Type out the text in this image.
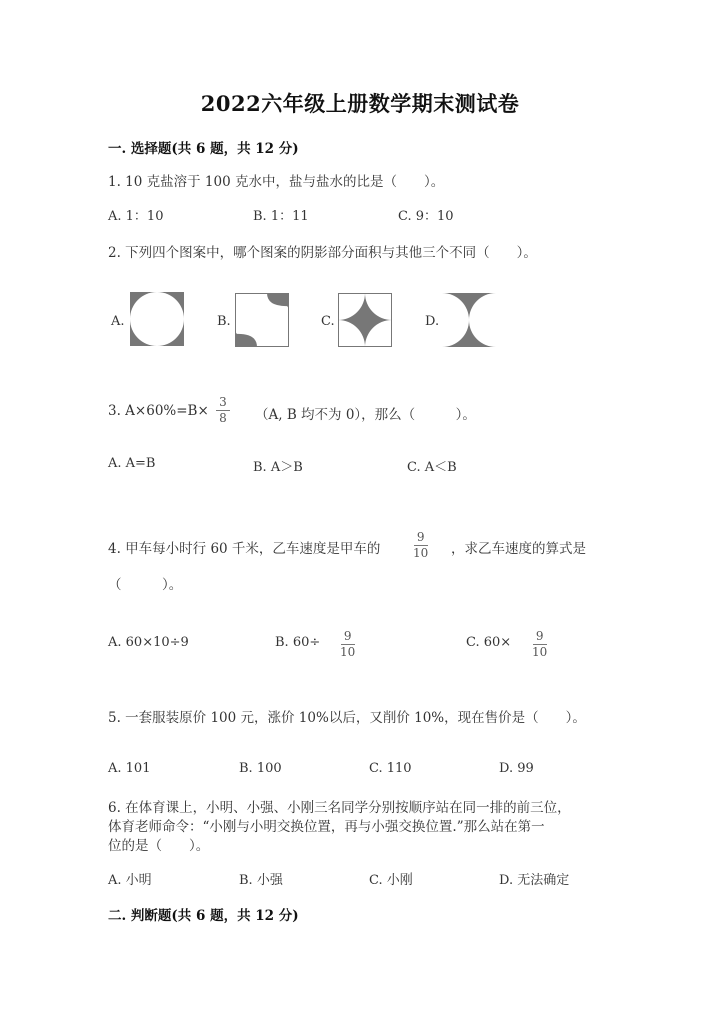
2022六年级上册数学期末测试卷
一. 选择题(共 6 题，共 12 分)
1. 10 克盐溶于 100 克水中，盐与盐水的比是（　　）。
A. 1：10	B. 1：11	C. 9：10
2. 下列四个图案中，哪个图案的阴影部分面积与其他三个不同（　　）。
A.	B.	C.	D.
3. A×60%=B×
3
8 （A, B 均不为 0），那么（　　　）。
A. A=B	B. A＞B	C. A＜B
4. 甲车每小时行 60 千米，乙车速度是甲车的
9
10 ，求乙车速度的算式是
（　　　）。
A. 60×10÷9	B. 60÷ 9
10
C. 60× 9
10
5. 一套服装原价 100 元，涨价 10%以后，又削价 10%，现在售价是（　　）。
A. 101	B. 100	C. 110	D. 99
6. 在体育课上，小明、小强、小刚三名同学分别按顺序站在同一排的前三位，
体育老师命令：“小刚与小明交换位置，再与小强交换位置.”那么站在第一
位的是（　　）。
A. 小明	B. 小强	C. 小刚	D. 无法确定
二. 判断题(共 6 题，共 12 分)
